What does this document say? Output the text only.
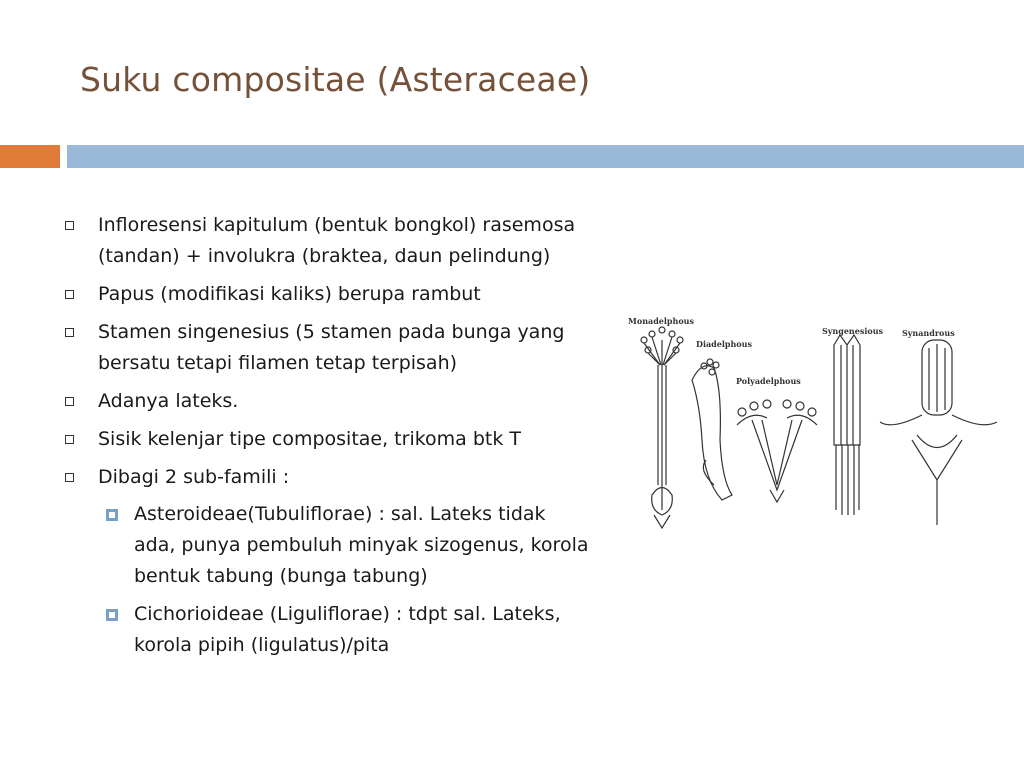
Suku compositae (Asteraceae)
Infloresensi kapitulum (bentuk bongkol) rasemosa (tandan) + involukra (braktea, daun pelindung)
Papus (modifikasi kaliks) berupa rambut
Stamen singenesius (5 stamen pada bunga yang bersatu tetapi filamen tetap terpisah)
Adanya lateks.
Sisik kelenjar tipe compositae, trikoma btk T
Dibagi 2 sub-famili :
Asteroideae(Tubuliflorae) : sal. Lateks tidak ada, punya pembuluh minyak sizogenus, korola bentuk tabung (bunga tabung)
Cichorioideae (Liguliflorae) : tdpt sal. Lateks, korola pipih (ligulatus)/pita
Monadelphous
Diadelphous
Polyadelphous
Syngenesious Synandrous
